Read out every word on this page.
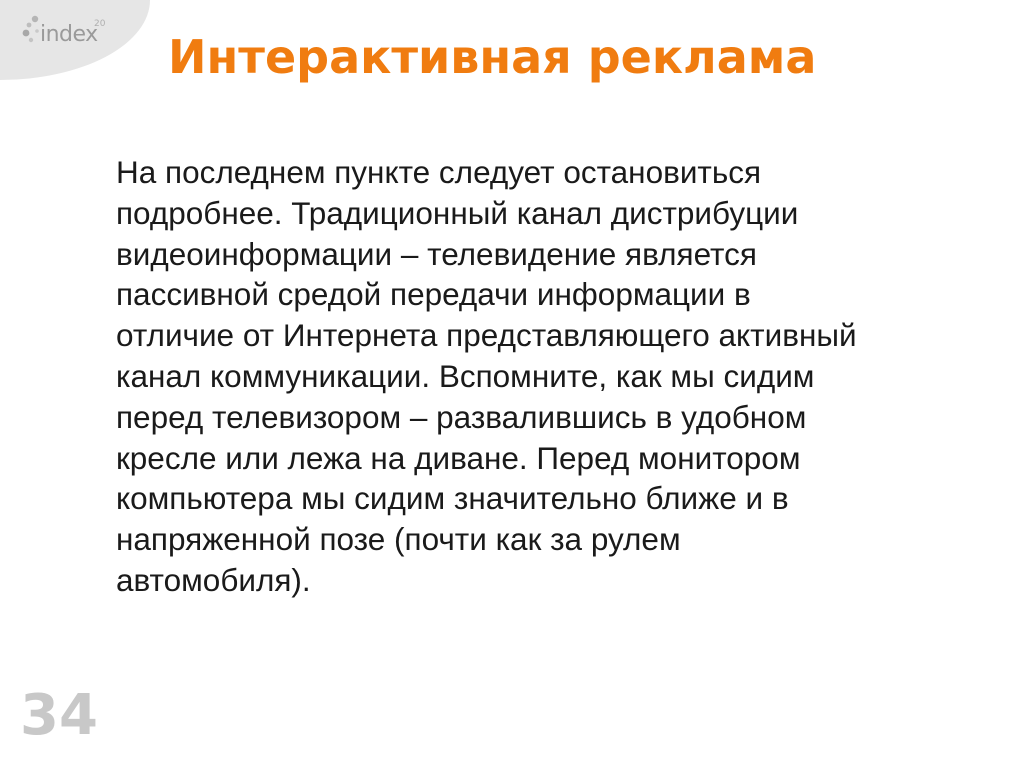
index
20
Интерактивная реклама

На последнем пункте следует остановиться
подробнее. Традиционный канал дистрибуции
видеоинформации – телевидение является
пассивной средой передачи информации в
отличие от Интернета представляющего активный
канал коммуникации. Вспомните, как мы сидим
перед телевизором – развалившись в удобном
кресле или лежа на диване. Перед монитором
компьютера мы сидим значительно ближе и в
напряженной позе (почти как за рулем
автомобиля).

34
